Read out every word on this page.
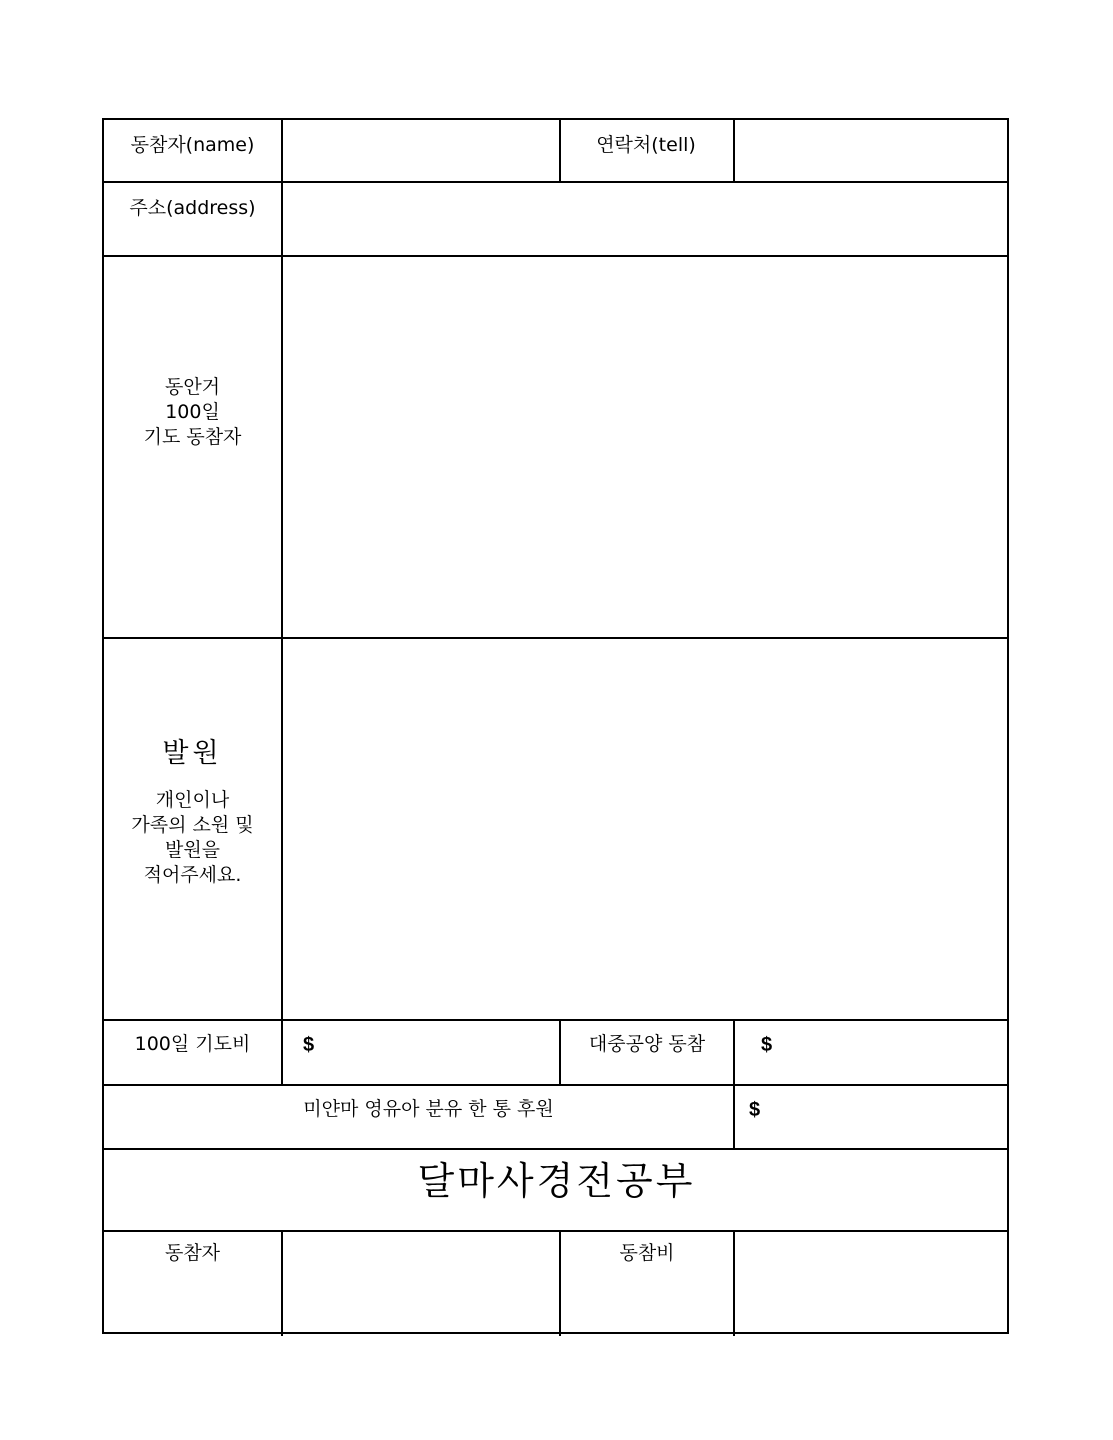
동참자(name)	연락처(tell)
주소(address)
동안거
100일
기도 동참자
발원
개인이나
가족의 소원 및
발원을
적어주세요.
100일 기도비	$	대중공양 동참	$
미얀마 영유아 분유 한 통 후원	$
달마사경전공부
동참자	동참비
